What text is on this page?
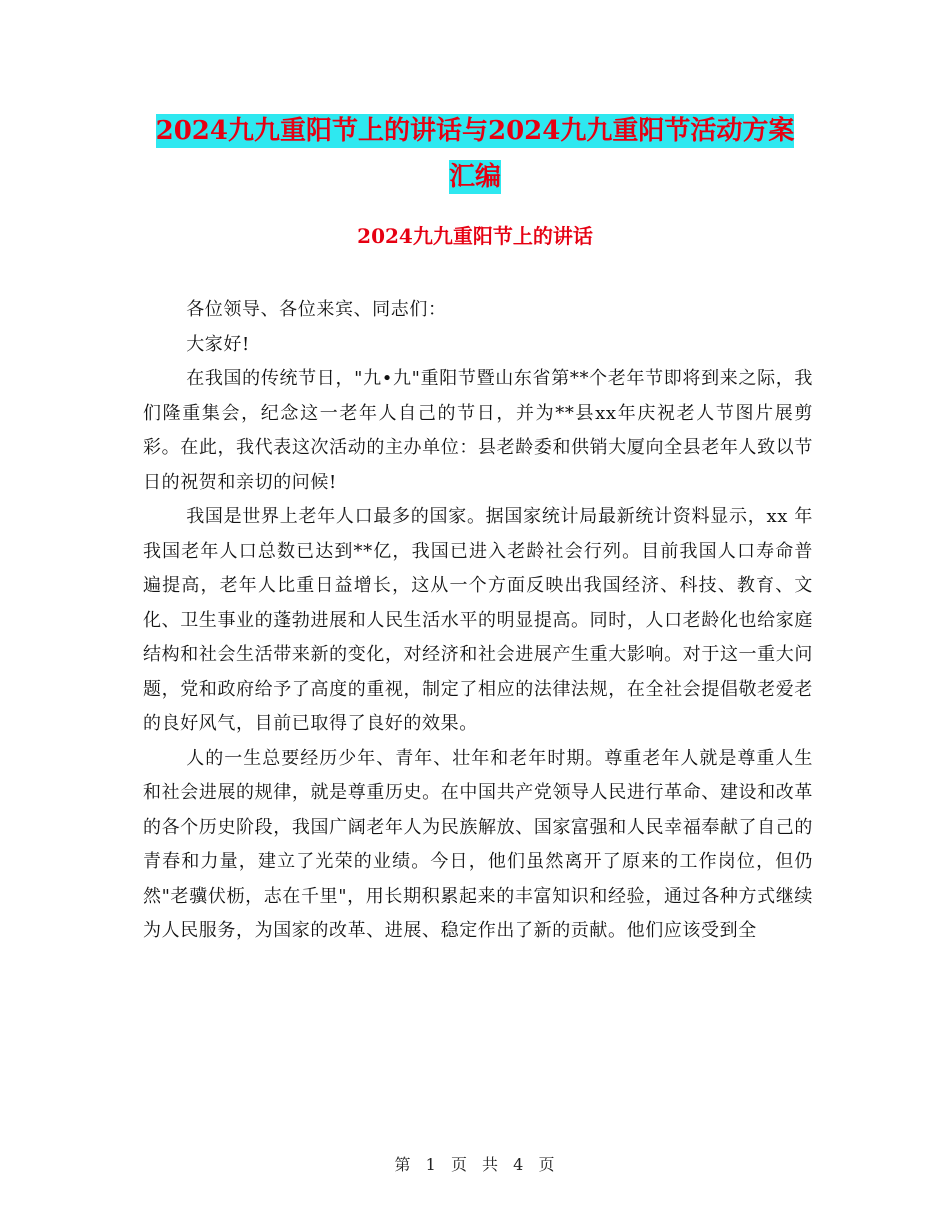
2024九九重阳节上的讲话与2024九九重阳节活动方案
汇编
2024九九重阳节上的讲话

各位领导、各位来宾、同志们：

大家好!

在我国的传统节日，"九•九"重阳节暨山东省第**个老年节即将到来之际，我们隆重集会，纪念这一老年人自己的节日，并为**县xx年庆祝老人节图片展剪彩。在此，我代表这次活动的主办单位：县老龄委和供销大厦向全县老年人致以节日的祝贺和亲切的问候!

我国是世界上老年人口最多的国家。据国家统计局最新统计资料显示，xx 年我国老年人口总数已达到**亿，我国已进入老龄社会行列。目前我国人口寿命普遍提高，老年人比重日益增长，这从一个方面反映出我国经济、科技、教育、文化、卫生事业的蓬勃进展和人民生活水平的明显提高。同时，人口老龄化也给家庭结构和社会生活带来新的变化，对经济和社会进展产生重大影响。对于这一重大问题，党和政府给予了高度的重视，制定了相应的法律法规，在全社会提倡敬老爱老的良好风气，目前已取得了良好的效果。

人的一生总要经历少年、青年、壮年和老年时期。尊重老年人就是尊重人生和社会进展的规律，就是尊重历史。在中国共产党领导人民进行革命、建设和改革的各个历史阶段，我国广阔老年人为民族解放、国家富强和人民幸福奉献了自己的青春和力量，建立了光荣的业绩。今日，他们虽然离开了原来的工作岗位，但仍然"老骥伏枥，志在千里"，用长期积累起来的丰富知识和经验，通过各种方式继续为人民服务，为国家的改革、进展、稳定作出了新的贡献。他们应该受到全

第 1 页 共 4 页
